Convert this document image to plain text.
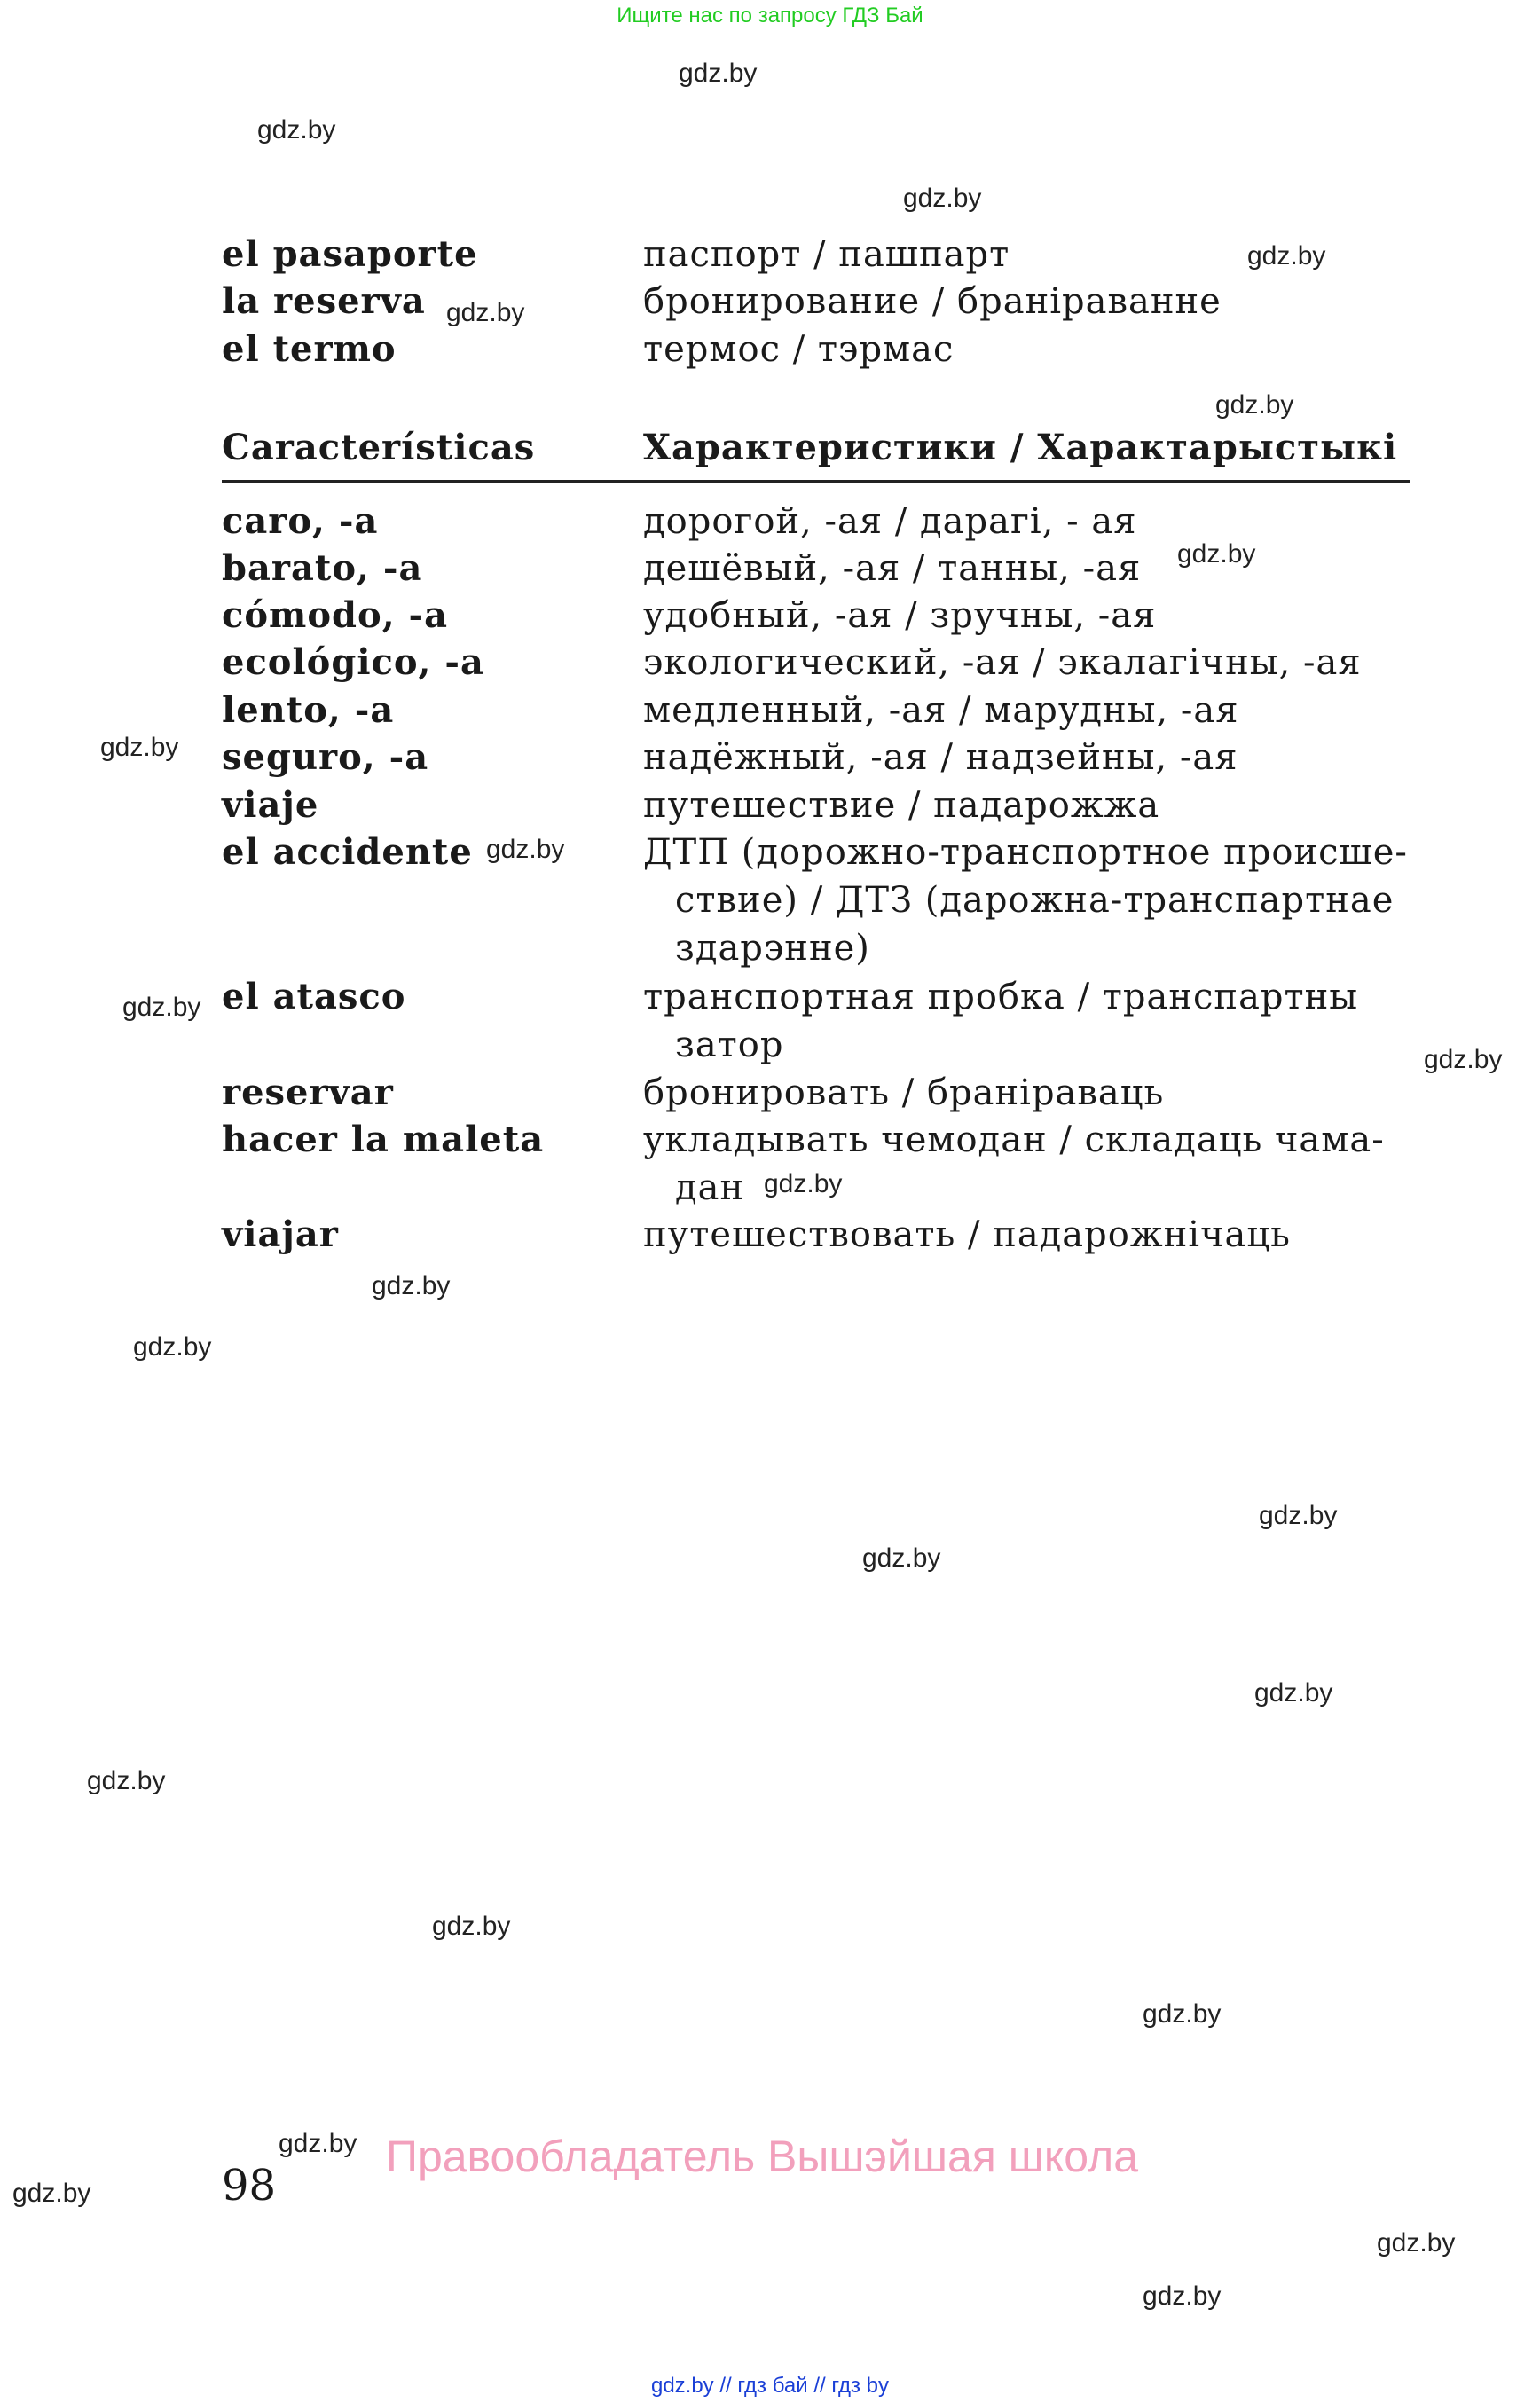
Ищите нас по запросу ГДЗ Бай
gdz.by
gdz.by
gdz.by
gdz.by
gdz.by
gdz.by
gdz.by
gdz.by
gdz.by
gdz.by
gdz.by
gdz.by
gdz.by
gdz.by
gdz.by
gdz.by
gdz.by
gdz.by
gdz.by
gdz.by
gdz.by
gdz.by
gdz.by
gdz.by
el pasaporte	паспорт / пашпарт
la reserva	бронирование / браніраванне
el termo	термос / тэрмас
Características	Характеристики / Характарыстыкі
caro, -a	дорогой, -ая / дарагі, - ая
barato, -a	дешёвый, -ая / танны, -ая
cómodo, -a	удобный, -ая / зручны, -ая
ecológico, -a	экологический, -ая / экалагічны, -ая
lento, -a	медленный, -ая / марудны, -ая
seguro, -a	надёжный, -ая / надзейны, -ая
viaje	путешествие / падарожжа
el accidente	ДТП (дорожно-транспортное происше-
ствие) / ДТЗ (дарожна-транспартнае
здарэнне)
el atasco	транспортная пробка / транспартны
затор
reservar	бронировать / браніраваць
hacer la maleta	укладывать чемодан / складаць чама-
дан
viajar	путешествовать / падарожнічаць
Правообладатель Вышэйшая школа
98
gdz.by // гдз бай // гдз by
